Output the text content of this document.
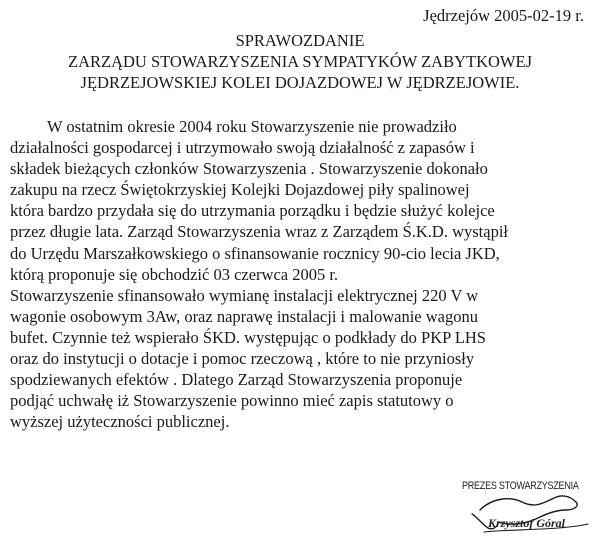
Jędrzejów 2005-02-19 r.
SPRAWOZDANIE
ZARZĄDU STOWARZYSZENIA SYMPATYKÓW ZABYTKOWEJ
JĘDRZEJOWSKIEJ KOLEI DOJAZDOWEJ W JĘDRZEJOWIE.
W ostatnim okresie 2004 roku Stowarzyszenie nie prowadziło
działalności gospodarcej i utrzymowało swoją działalność z zapasów i
składek bieżących członków Stowarzyszenia . Stowarzyszenie dokonało
zakupu na rzecz Świętokrzyskiej Kolejki Dojazdowej piły spalinowej
która bardzo przydała się do utrzymania porządku i będzie służyć kolejce
przez długie lata. Zarząd Stowarzyszenia wraz z Zarządem Ś.K.D. wystąpił
do Urzędu Marszałkowskiego o sfinansowanie rocznicy 90-cio lecia JKD,
którą proponuje się obchodzić 03 czerwca 2005 r.
Stowarzyszenie sfinansowało wymianę instalacji elektrycznej 220 V w
wagonie osobowym 3Aw, oraz naprawę instalacji i malowanie wagonu
bufet. Czynnie też wspierało ŚKD. występując o podkłady do PKP LHS
oraz do instytucji o dotacje i pomoc rzeczową , które to nie przyniosły
spodziewanych efektów . Dlatego Zarząd Stowarzyszenia proponuje
podjąć uchwałę iż Stowarzyszenie powinno mieć zapis statutowy o
wyższej użyteczności publicznej.
PREZES STOWARZYSZENIA
Krzysztof Góral
